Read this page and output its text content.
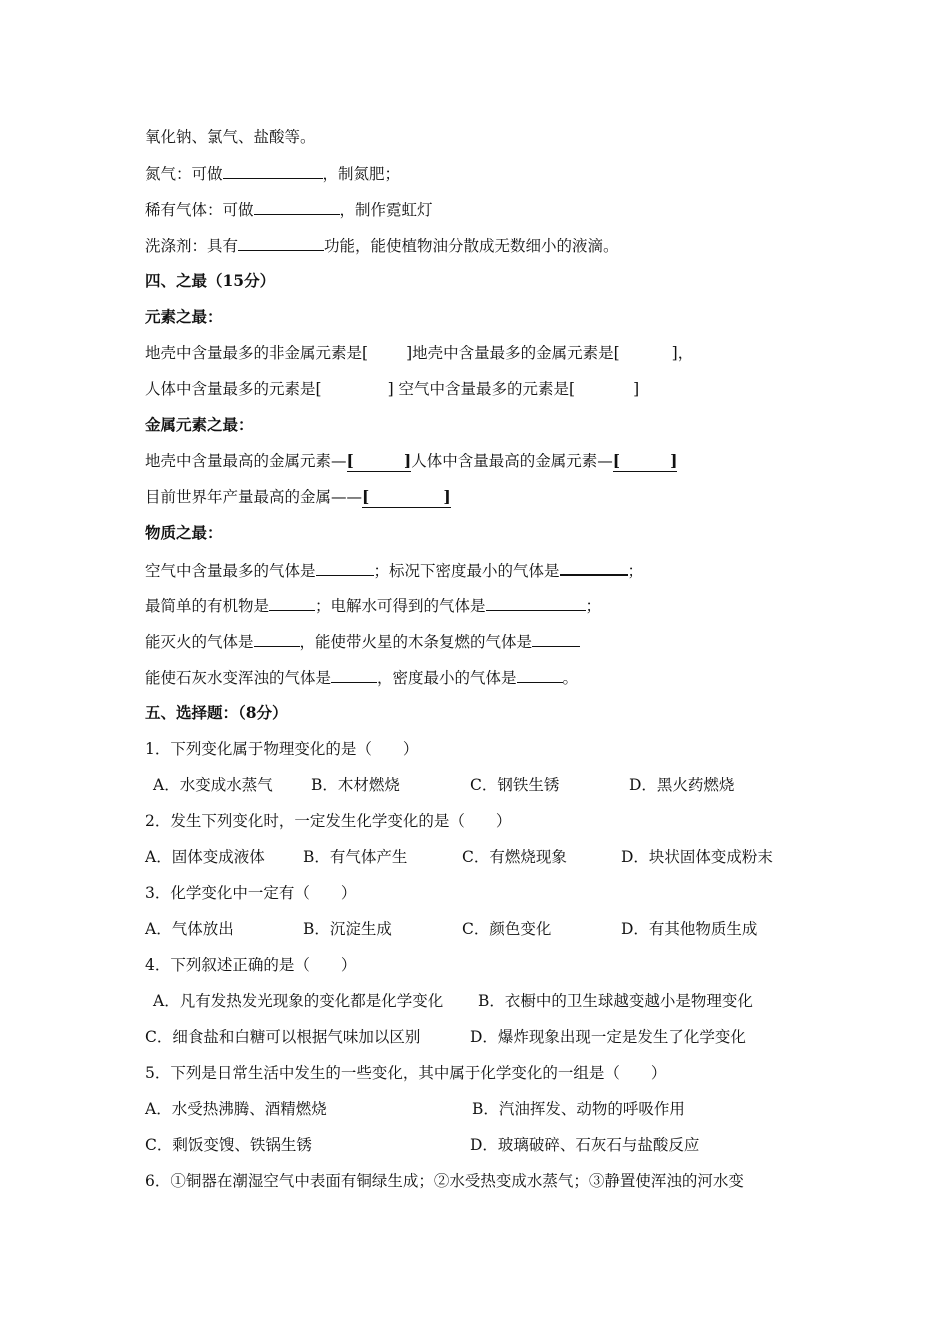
氧化钠、氯气、盐酸等。
氮气：可做	，制氮肥；
稀有气体：可做	，制作霓虹灯
洗涤剂：具有	功能，能使植物油分散成无数细小的液滴。
四、之最（15分）
元素之最：
地壳中含量最多的非金属元素是[ ]地壳中含量最多的金属元素是[	]，
人体中含量最多的元素是[	] 空气中含量最多的元素是[	]
金属元素之最：
地壳中含量最高的金属元素—[	]人体中含量最高的金属元素—[	]
目前世界年产量最高的金属——[	]
物质之最：
空气中含量最多的气体是	；标况下密度最小的气体是	；
最简单的有机物是	；电解水可得到的气体是	；
能灭火的气体是	，能使带火星的木条复燃的气体是
能使石灰水变浑浊的气体是	，密度最小的气体是	。
五、选择题：（8分）
1．下列变化属于物理变化的是（　　）
A．水变成水蒸气 B．木材燃烧	C．钢铁生锈	D．黑火药燃烧
2．发生下列变化时，一定发生化学变化的是（　　）
A．固体变成液体 B．有气体产生	C．有燃烧现象	D．块状固体变成粉末
3．化学变化中一定有（　　）
A．气体放出	B．沉淀生成	C．颜色变化	D．有其他物质生成
4．下列叙述正确的是（　　）
A．凡有发热发光现象的变化都是化学变化 B．衣橱中的卫生球越变越小是物理变化
C．细食盐和白糖可以根据气味加以区别	D．爆炸现象出现一定是发生了化学变化
5．下列是日常生活中发生的一些变化，其中属于化学变化的一组是（　　）
A．水受热沸腾、酒精燃烧	B．汽油挥发、动物的呼吸作用
C．剩饭变馊、铁锅生锈	D．玻璃破碎、石灰石与盐酸反应
6．①铜器在潮湿空气中表面有铜绿生成；②水受热变成水蒸气；③静置使浑浊的河水变
